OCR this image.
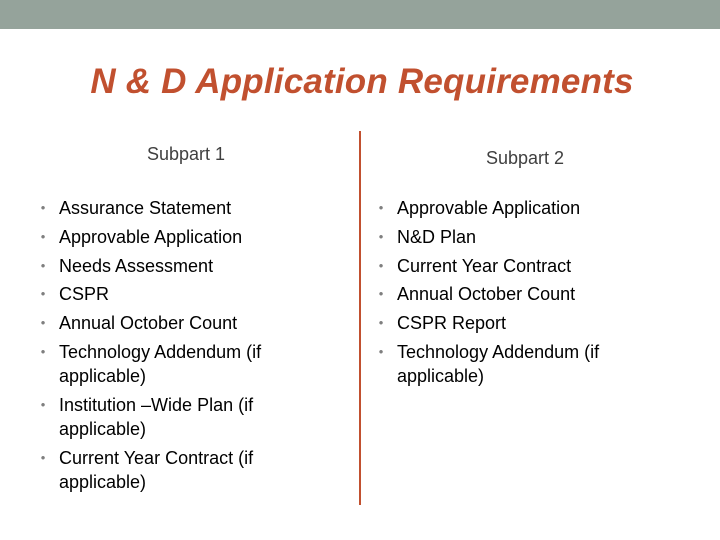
N & D Application Requirements
Subpart 1	Subpart 2
• Assurance Statement
• Approvable Application
• Needs Assessment
• CSPR
• Annual October Count
• Technology Addendum (if applicable)
• Institution –Wide Plan (if applicable)
• Current Year Contract (if applicable)
• Approvable Application
• N&D Plan
• Current Year Contract
• Annual October Count
• CSPR Report
• Technology Addendum (if applicable)
